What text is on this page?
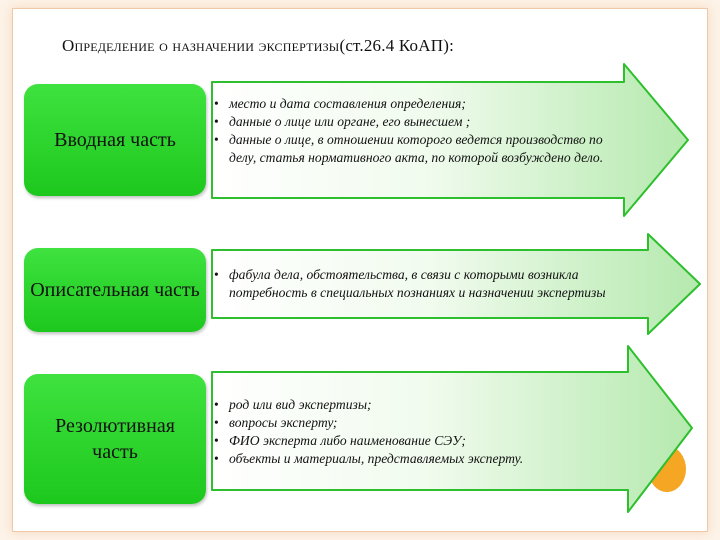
Определение о назначении экспертизы(ст.26.4 КоАП):
Вводная часть
Описательная часть
Резолютивная часть
• место и дата составления определения;
• данные о лице или органе, его вынесшем ;
• данные о лице, в отношении которого ведется производство по делу, статья нормативного акта, по которой возбуждено дело.
• фабула дела, обстоятельства, в связи с которыми возникла потребность в специальных познаниях и назначении экспертизы
• род или вид экспертизы;
• вопросы эксперту;
• ФИО эксперта либо наименование СЭУ;
• объекты и материалы, представляемых эксперту.
